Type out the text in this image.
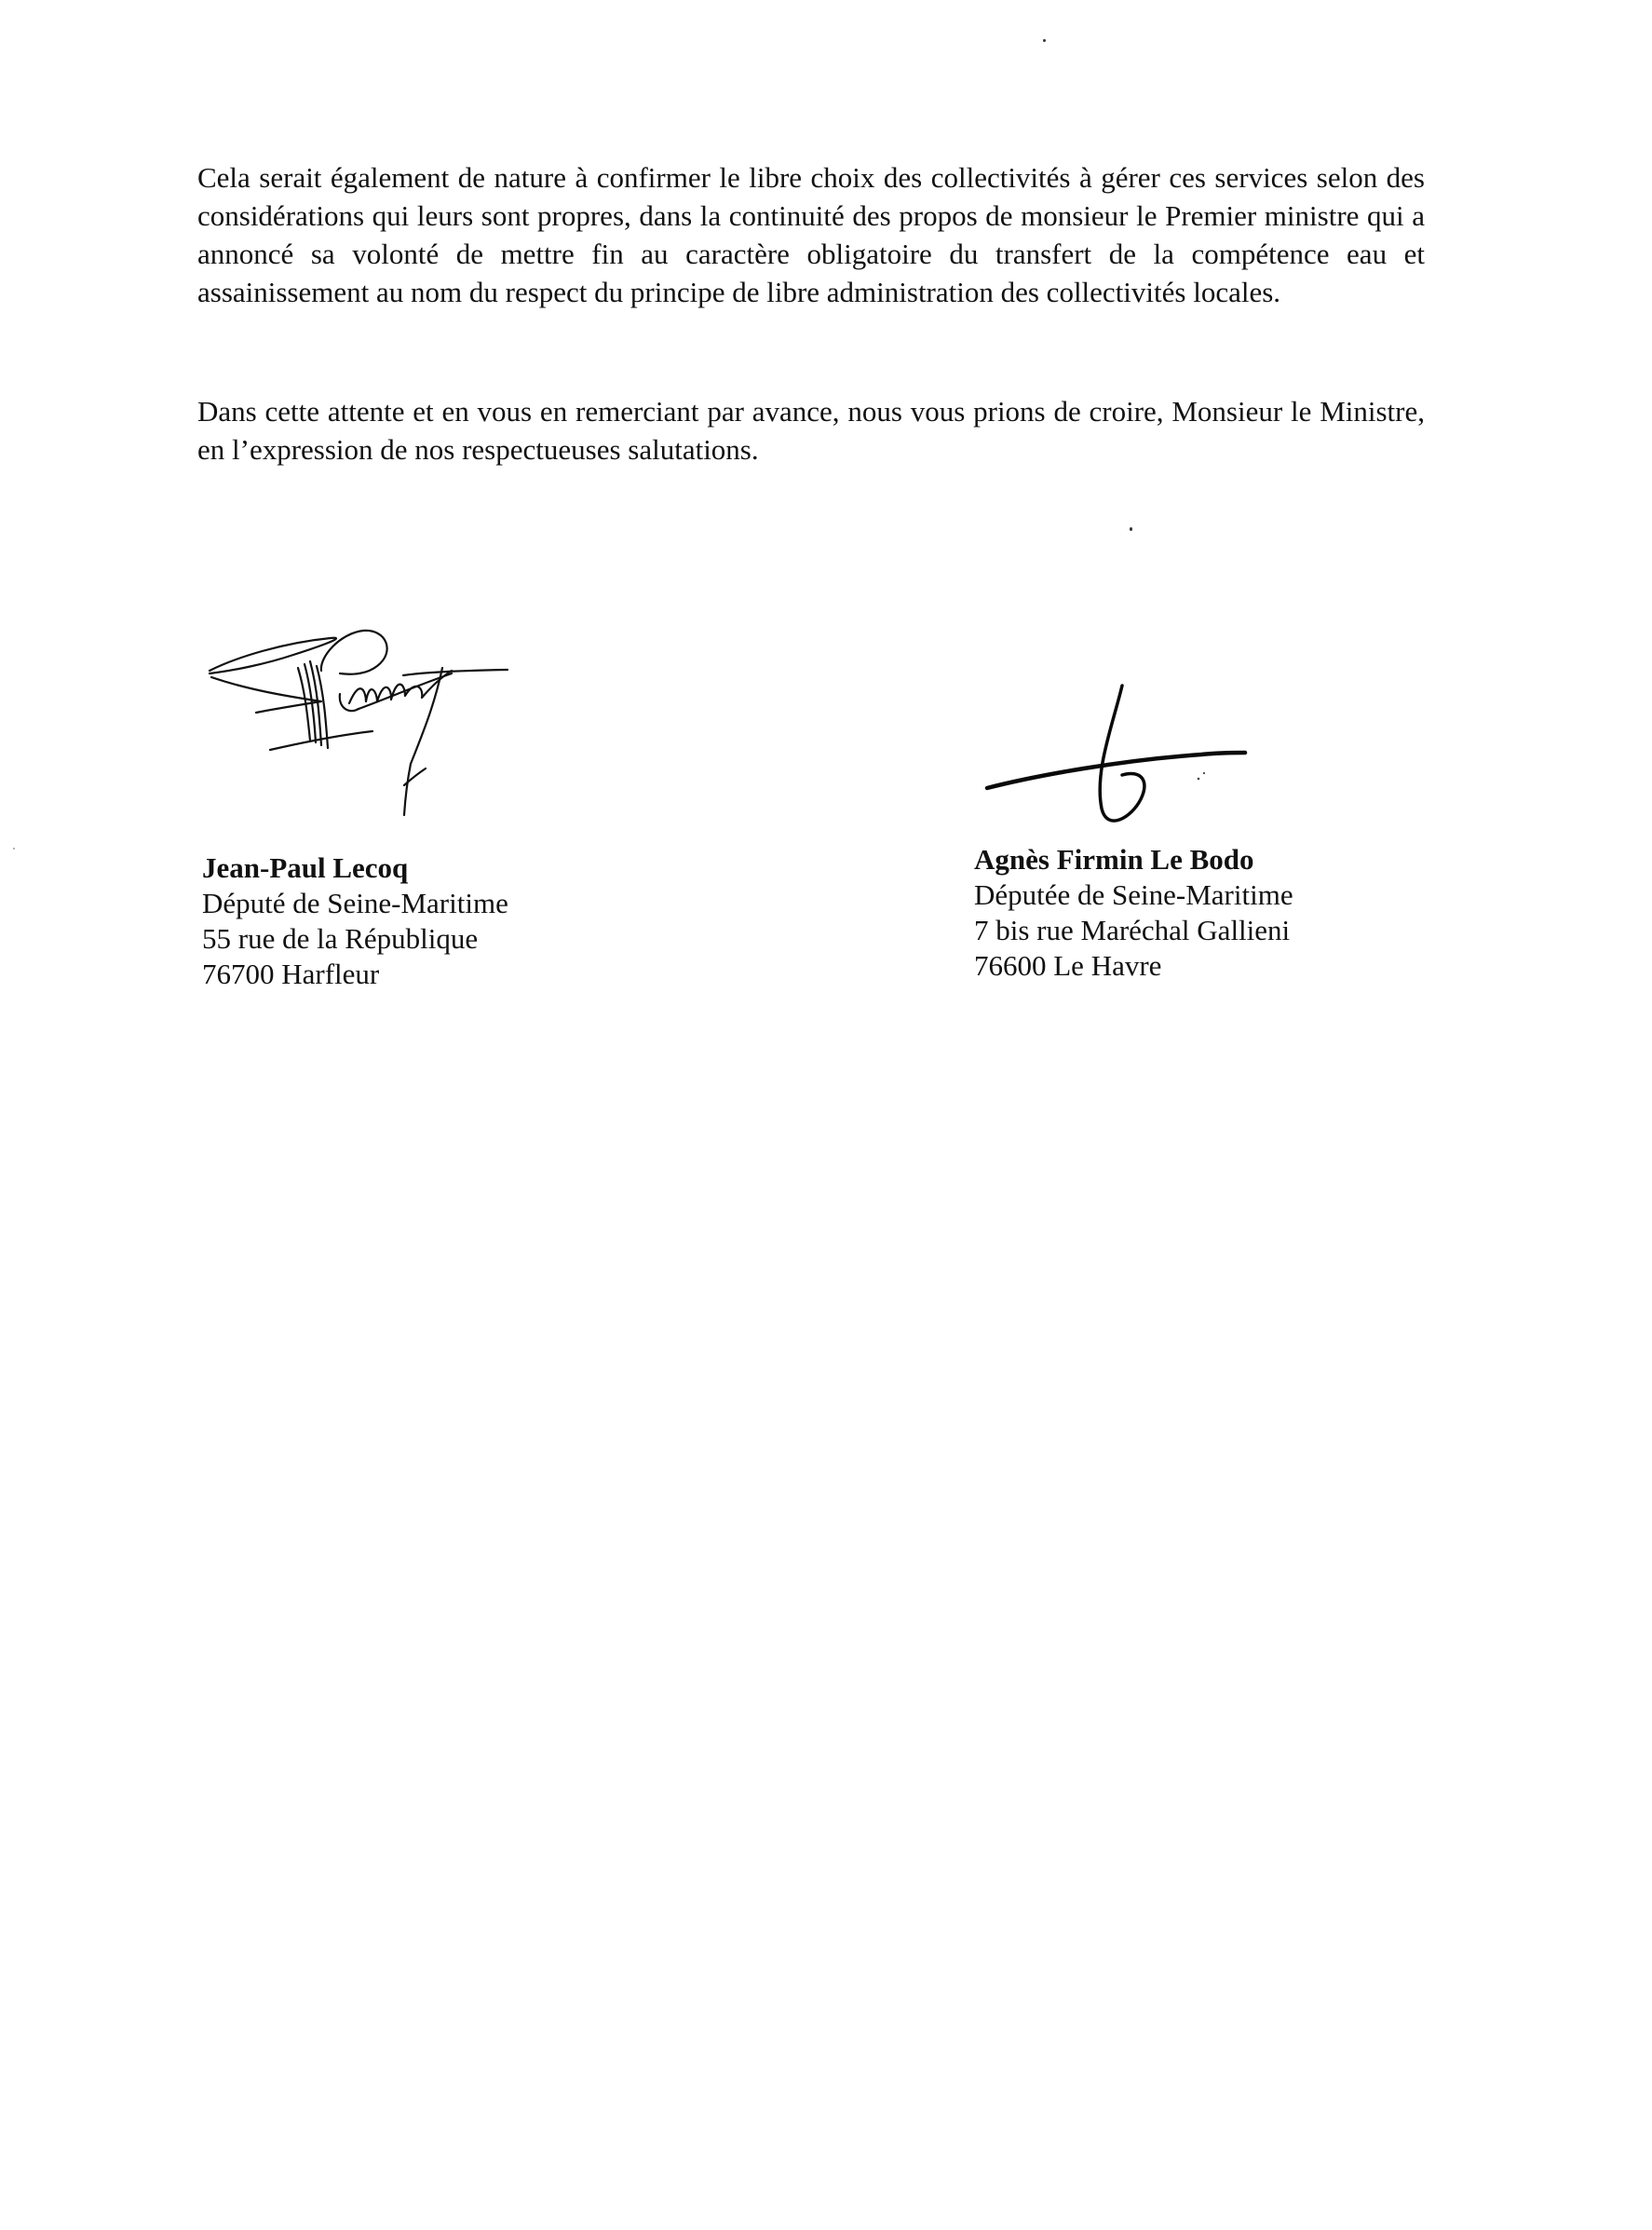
Cela serait également de nature à confirmer le libre choix des collectivités à gérer ces services selon des considérations qui leurs sont propres, dans la continuité des propos de monsieur le Premier ministre qui a annoncé sa volonté de mettre fin au caractère obligatoire du transfert de la compétence eau et assainissement au nom du respect du principe de libre administration des collectivités locales.

Dans cette attente et en vous en remerciant par avance, nous vous prions de croire, Monsieur le Ministre, en l’expression de nos respectueuses salutations.

Jean-Paul Lecoq
Député de Seine-Maritime
55 rue de la République
76700 Harfleur
Agnès Firmin Le Bodo
Députée de Seine-Maritime
7 bis rue Maréchal Gallieni
76600 Le Havre
